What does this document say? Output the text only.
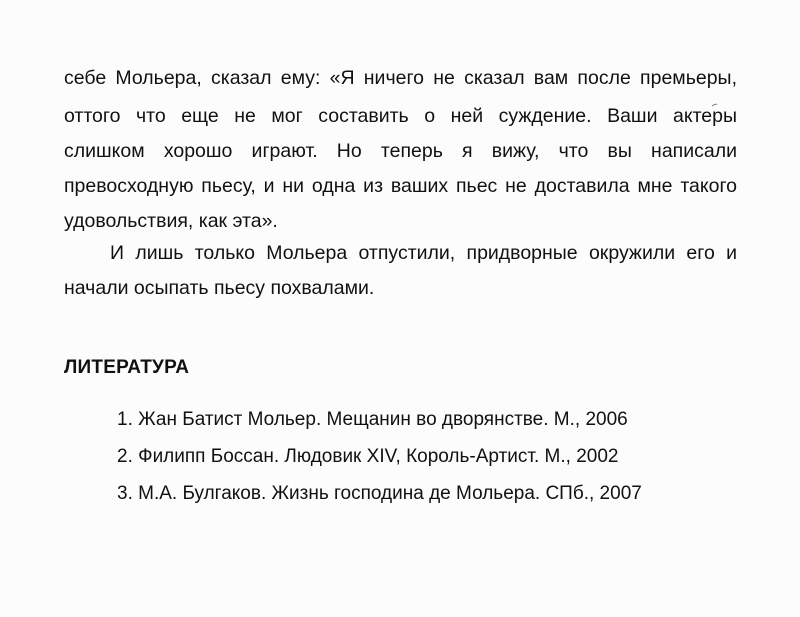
себе Мольера, сказал ему: «Я ничего не сказал вам после премьеры,
оттого что еще не мог составить о ней суждение. Ваши актеры
слишком хорошо играют. Но теперь я вижу, что вы написали
превосходную пьесу, и ни одна из ваших пьес не доставила мне такого
удовольствия, как эта».
И лишь только Мольера отпустили, придворные окружили его и
начали осыпать пьесу похвалами.
ЛИТЕРАТУРА
1. Жан Батист Мольер. Мещанин во дворянстве. М., 2006
2. Филипп Боссан. Людовик XIV, Король‑Артист. М., 2002
3. М.А. Булгаков. Жизнь господина де Мольера. СПб., 2007
